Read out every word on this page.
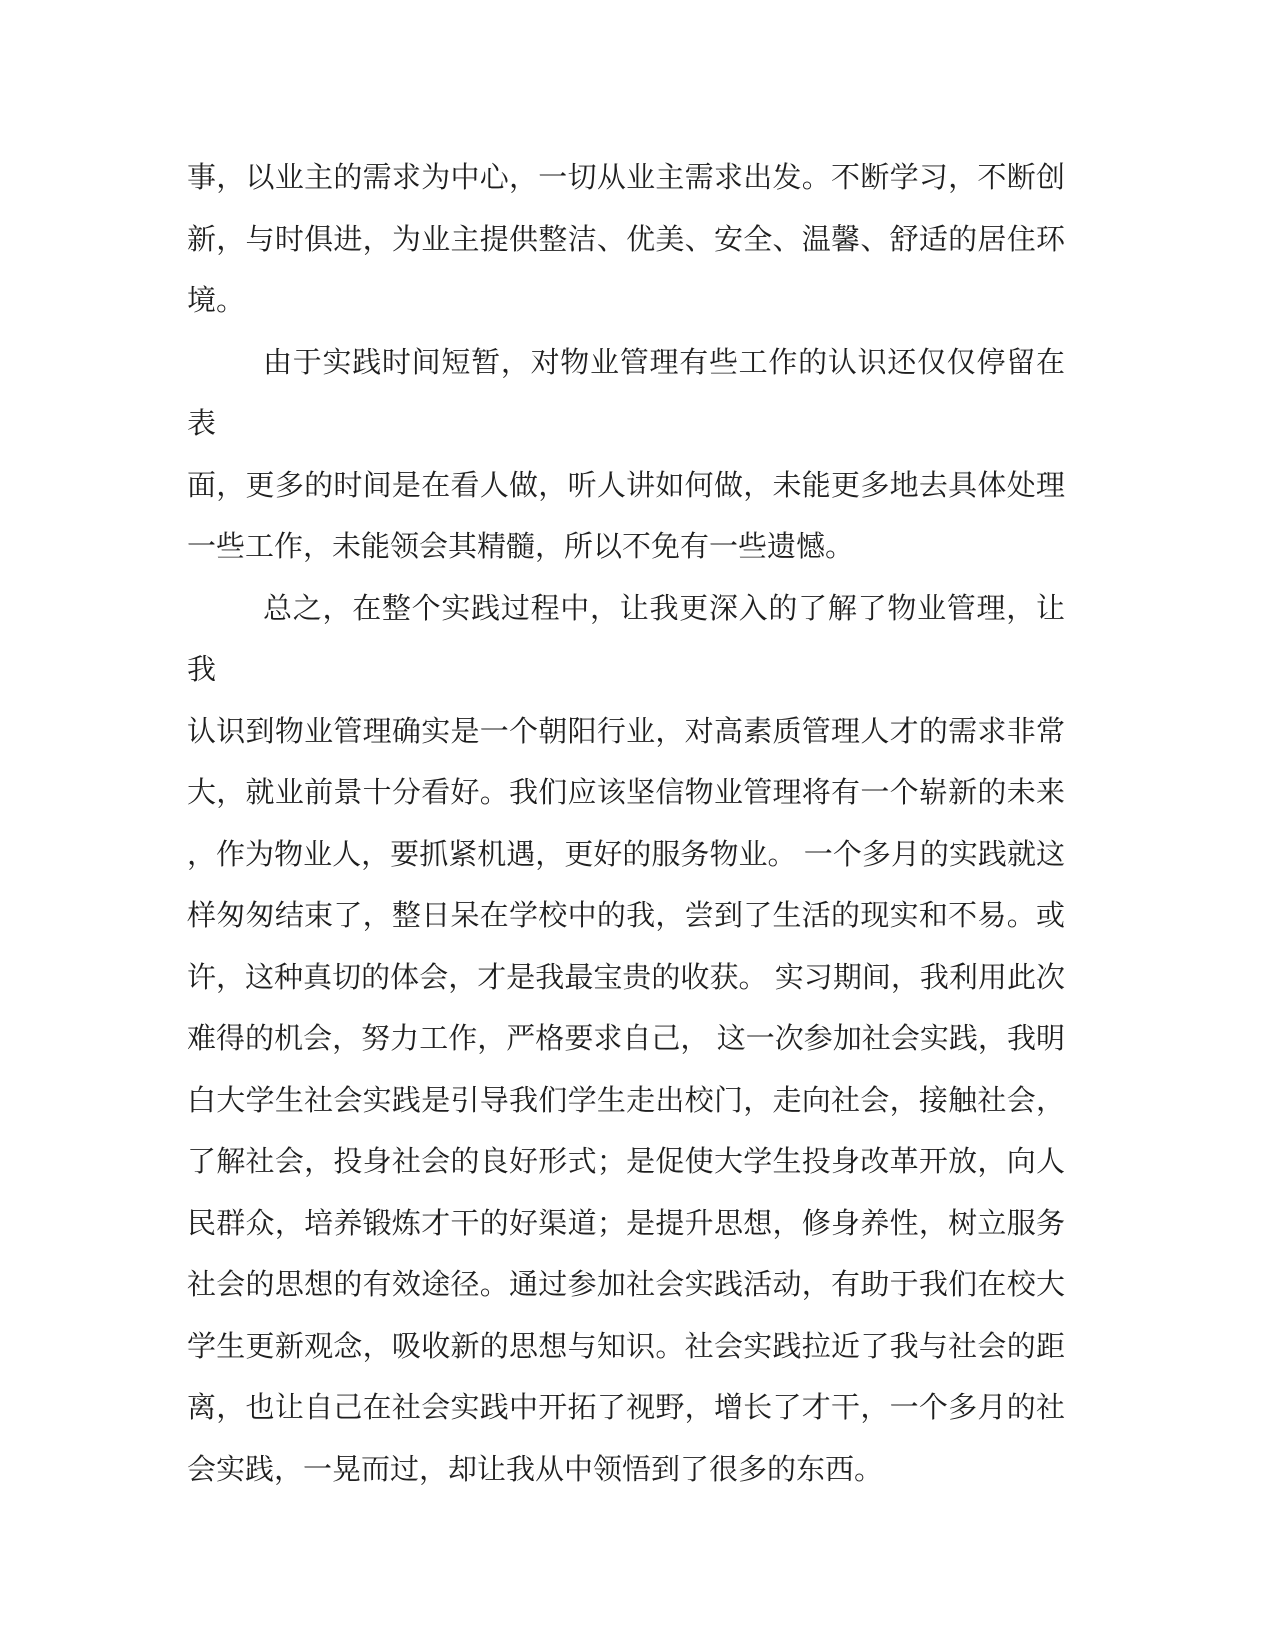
事，以业主的需求为中心，一切从业主需求出发。不断学习，不断创
新，与时俱进，为业主提供整洁、优美、安全、温馨、舒适的居住环
境。
由于实践时间短暂，对物业管理有些工作的认识还仅仅停留在表
面，更多的时间是在看人做，听人讲如何做，未能更多地去具体处理
一些工作，未能领会其精髓，所以不免有一些遗憾。
总之，在整个实践过程中，让我更深入的了解了物业管理，让我
认识到物业管理确实是一个朝阳行业，对高素质管理人才的需求非常
大，就业前景十分看好。我们应该坚信物业管理将有一个崭新的未来
，作为物业人，要抓紧机遇，更好的服务物业。 一个多月的实践就这
样匆匆结束了，整日呆在学校中的我，尝到了生活的现实和不易。或
许，这种真切的体会，才是我最宝贵的收获。 实习期间，我利用此次
难得的机会，努力工作，严格要求自己， 这一次参加社会实践，我明
白大学生社会实践是引导我们学生走出校门，走向社会，接触社会，
了解社会，投身社会的良好形式；是促使大学生投身改革开放，向人
民群众，培养锻炼才干的好渠道；是提升思想，修身养性，树立服务
社会的思想的有效途径。通过参加社会实践活动，有助于我们在校大
学生更新观念，吸收新的思想与知识。社会实践拉近了我与社会的距
离，也让自己在社会实践中开拓了视野，增长了才干，一个多月的社
会实践，一晃而过，却让我从中领悟到了很多的东西。
